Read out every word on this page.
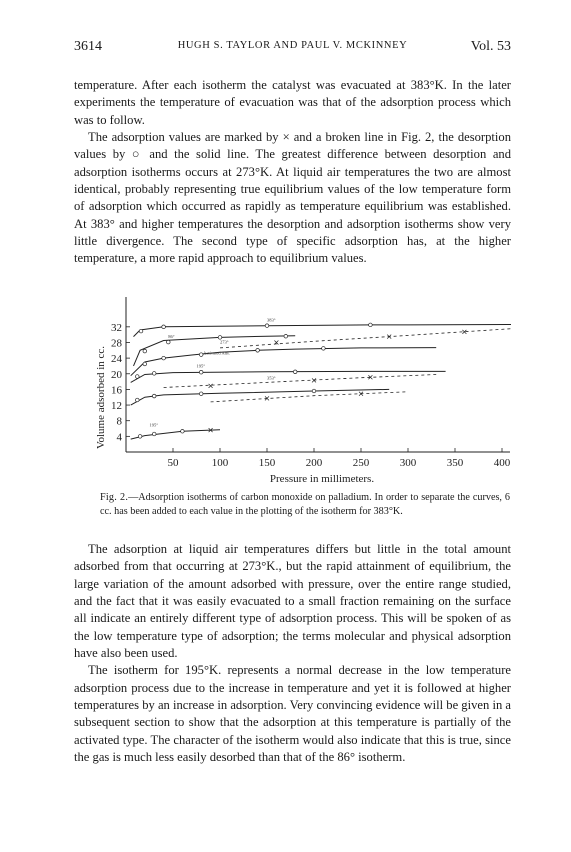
3614	HUGH S. TAYLOR AND PAUL V. MCKINNEY	Vol. 53

temperature. After each isotherm the catalyst was evacuated at 383°K. In the later experiments the temperature of evacuation was that of the adsorption process which was to follow.

The adsorption values are marked by × and a broken line in Fig. 2, the desorption values by ○ and the solid line. The greatest difference between desorption and adsorption isotherms occurs at 273°K. At liquid air temperatures the two are almost identical, probably representing true equilibrium values of the low temperature form of adsorption which occurred as rapidly as temperature equilibrium was established. At 383° and higher temperatures the desorption and adsorption isotherms show very little divergence. The second type of specific adsorption has, at the higher temperature, a more rapid approach to equilibrium values.

50	100	150	200	250	300	350	400
4
8
12
16
20
24
28
32
Pressure in millimeters.
Volume adsorbed in cc.
383°
86°
273°
Activated Ads.
195°
353°
195°
Fig. 2.—Adsorption isotherms of carbon monoxide on palladium. In order to separate the curves, 6 cc. has been added to each value in the plotting of the isotherm for 383°K.

The adsorption at liquid air temperatures differs but little in the total amount adsorbed from that occurring at 273°K., but the rapid attainment of equilibrium, the large variation of the amount adsorbed with pressure, over the entire range studied, and the fact that it was easily evacuated to a small fraction remaining on the surface all indicate an entirely different type of adsorption process. This will be spoken of as the low temperature type of adsorption; the terms molecular and physical adsorption have also been used.

The isotherm for 195°K. represents a normal decrease in the low temperature adsorption process due to the increase in temperature and yet it is followed at higher temperatures by an increase in adsorption. Very convincing evidence will be given in a subsequent section to show that the adsorption at this temperature is partially of the activated type. The character of the isotherm would also indicate that this is true, since the gas is much less easily desorbed than that of the 86° isotherm.
